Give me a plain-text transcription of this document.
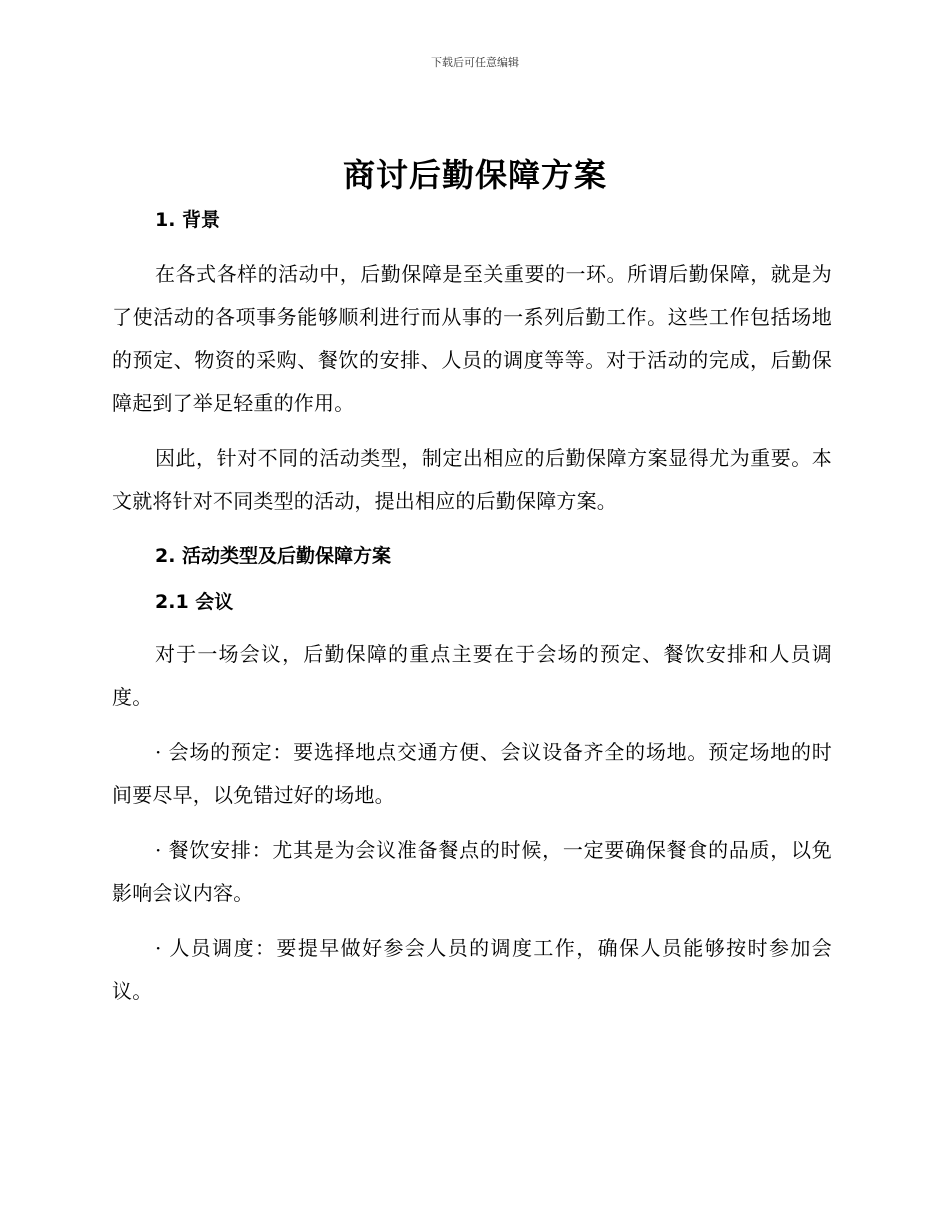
下载后可任意编辑
商讨后勤保障方案

1. 背景

在各式各样的活动中，后勤保障是至关重要的一环。所谓后勤保障，就是为了使活动的各项事务能够顺利进行而从事的一系列后勤工作。这些工作包括场地的预定、物资的采购、餐饮的安排、人员的调度等等。对于活动的完成，后勤保障起到了举足轻重的作用。

因此，针对不同的活动类型，制定出相应的后勤保障方案显得尤为重要。本文就将针对不同类型的活动，提出相应的后勤保障方案。

2. 活动类型及后勤保障方案

2.1 会议

对于一场会议，后勤保障的重点主要在于会场的预定、餐饮安排和人员调度。

· 会场的预定：要选择地点交通方便、会议设备齐全的场地。预定场地的时间要尽早，以免错过好的场地。

· 餐饮安排：尤其是为会议准备餐点的时候，一定要确保餐食的品质，以免影响会议内容。

· 人员调度：要提早做好参会人员的调度工作，确保人员能够按时参加会议。
